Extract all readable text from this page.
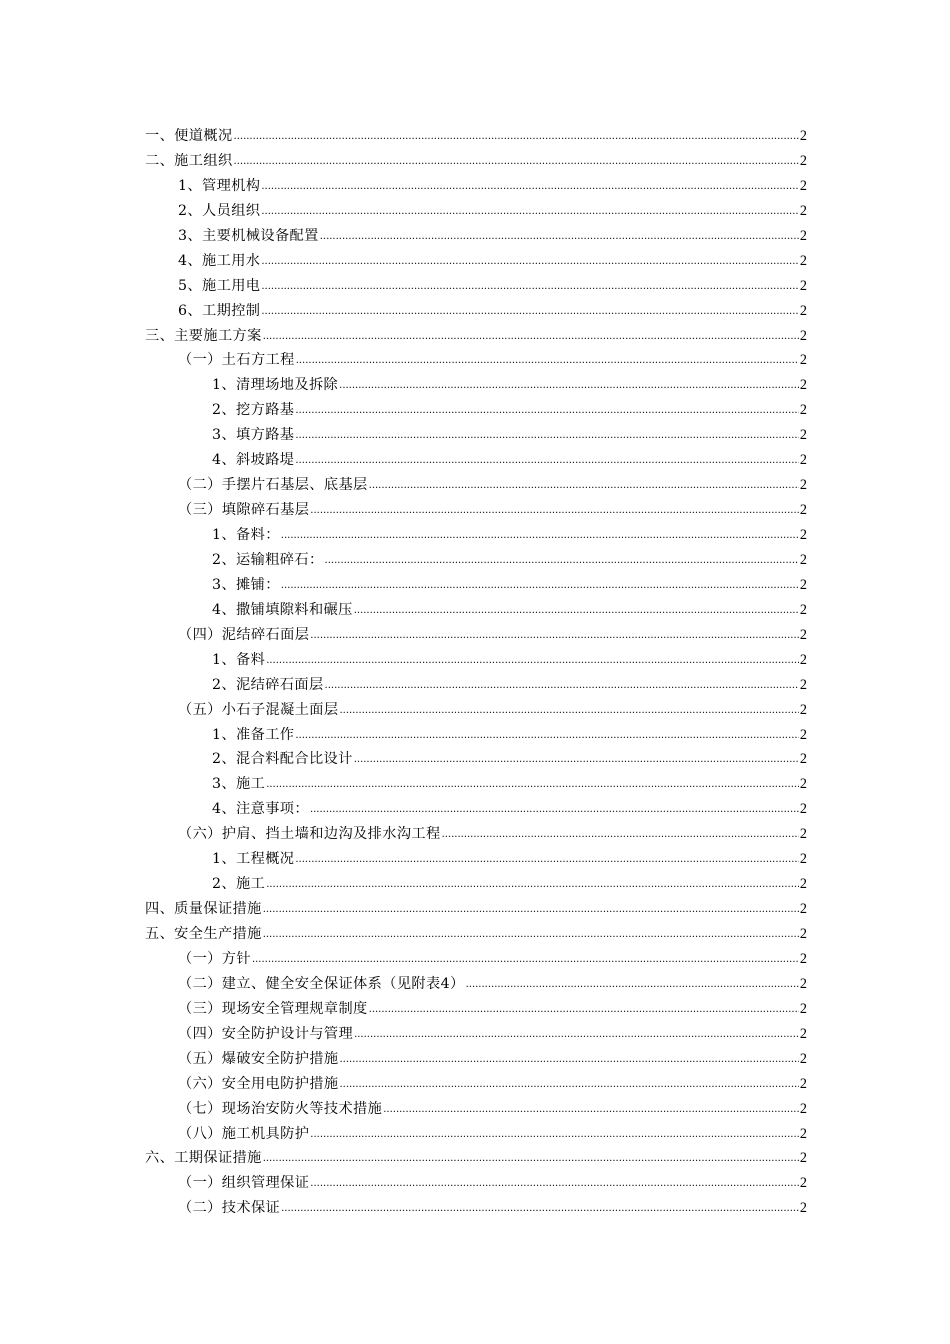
一、便道概况 .....	2
二、施工组织 .....	2
1、管理机构 .....	2
2、人员组织 .....	2
3、主要机械设备配置 .....	2
4、施工用水 .....	2
5、施工用电 .....	2
6、工期控制 .....	2
三、主要施工方案 .....	2
（一）土石方工程 .....	2
1、清理场地及拆除 .....	2
2、挖方路基 .....	2
3、填方路基 .....	2
4、斜坡路堤 .....	2
（二）手摆片石基层、底基层 .....	2
（三）填隙碎石基层 .....	2
1、备料： .....	2
2、运输粗碎石： .....	2
3、摊铺： .....	2
4、撒铺填隙料和碾压 .....	2
（四）泥结碎石面层 .....	2
1、备料 .....	2
2、泥结碎石面层 .....	2
（五）小石子混凝土面层 .....	2
1、准备工作 .....	2
2、混合料配合比设计 .....	2
3、施工 .....	2
4、注意事项： .....	2
（六）护肩、挡土墙和边沟及排水沟工程 .....	2
1、工程概况 .....	2
2、施工 .....	2
四、质量保证措施 .....	2
五、安全生产措施 .....	2
（一）方针 .....	2
（二）建立、健全安全保证体系（见附表4） .....	2
（三）现场安全管理规章制度 .....	2
（四）安全防护设计与管理 .....	2
（五）爆破安全防护措施 .....	2
（六）安全用电防护措施 .....	2
（七）现场治安防火等技术措施 .....	2
（八）施工机具防护 .....	2
六、工期保证措施 .....	2
（一）组织管理保证 .....	2
（二）技术保证 .....	2
